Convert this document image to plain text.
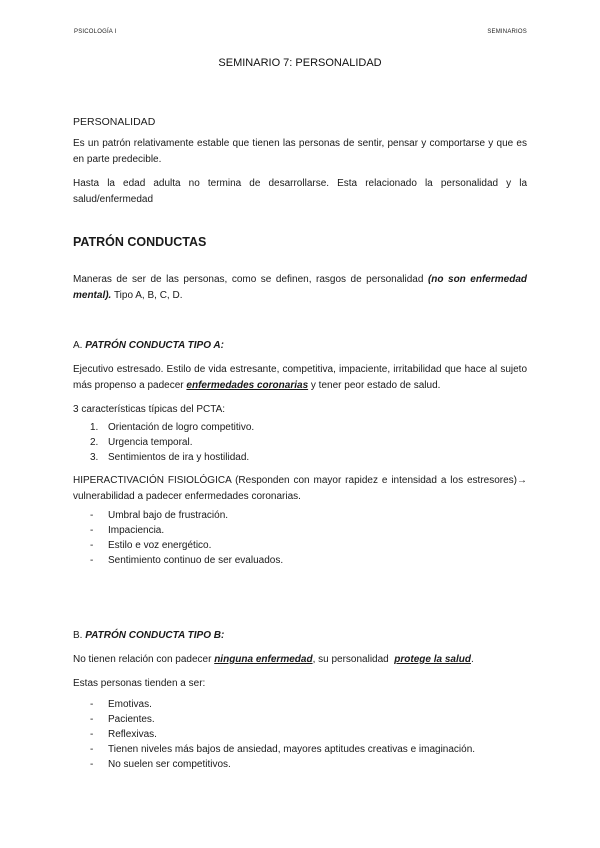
PSICOLOGÍA I	SEMINARIOS
SEMINARIO 7: PERSONALIDAD

PERSONALIDAD

Es un patrón relativamente estable que tienen las personas de sentir, pensar y comportarse y que es en parte predecible.

Hasta la edad adulta no termina de desarrollarse. Esta relacionado la personalidad y la salud/enfermedad

PATRÓN CONDUCTAS

Maneras de ser de las personas, como se definen, rasgos de personalidad (no son enfermedad mental). Tipo A, B, C, D.

A. PATRÓN CONDUCTA TIPO A:

Ejecutivo estresado. Estilo de vida estresante, competitiva, impaciente, irritabilidad que hace al sujeto más propenso a padecer enfermedades coronarias y tener peor estado de salud.

3 características típicas del PCTA:

1. Orientación de logro competitivo.
2. Urgencia temporal.
3. Sentimientos de ira y hostilidad.

HIPERACTIVACIÓN FISIOLÓGICA (Responden con mayor rapidez e intensidad a los estresores)→ vulnerabilidad a padecer enfermedades coronarias.

- Umbral bajo de frustración.
- Impaciencia.
- Estilo e voz energético.
- Sentimiento continuo de ser evaluados.

B. PATRÓN CONDUCTA TIPO B:

No tienen relación con padecer ninguna enfermedad, su personalidad  protege la salud.

Estas personas tienden a ser:

- Emotivas.
- Pacientes.
- Reflexivas.
- Tienen niveles más bajos de ansiedad, mayores aptitudes creativas e imaginación.
- No suelen ser competitivos.
